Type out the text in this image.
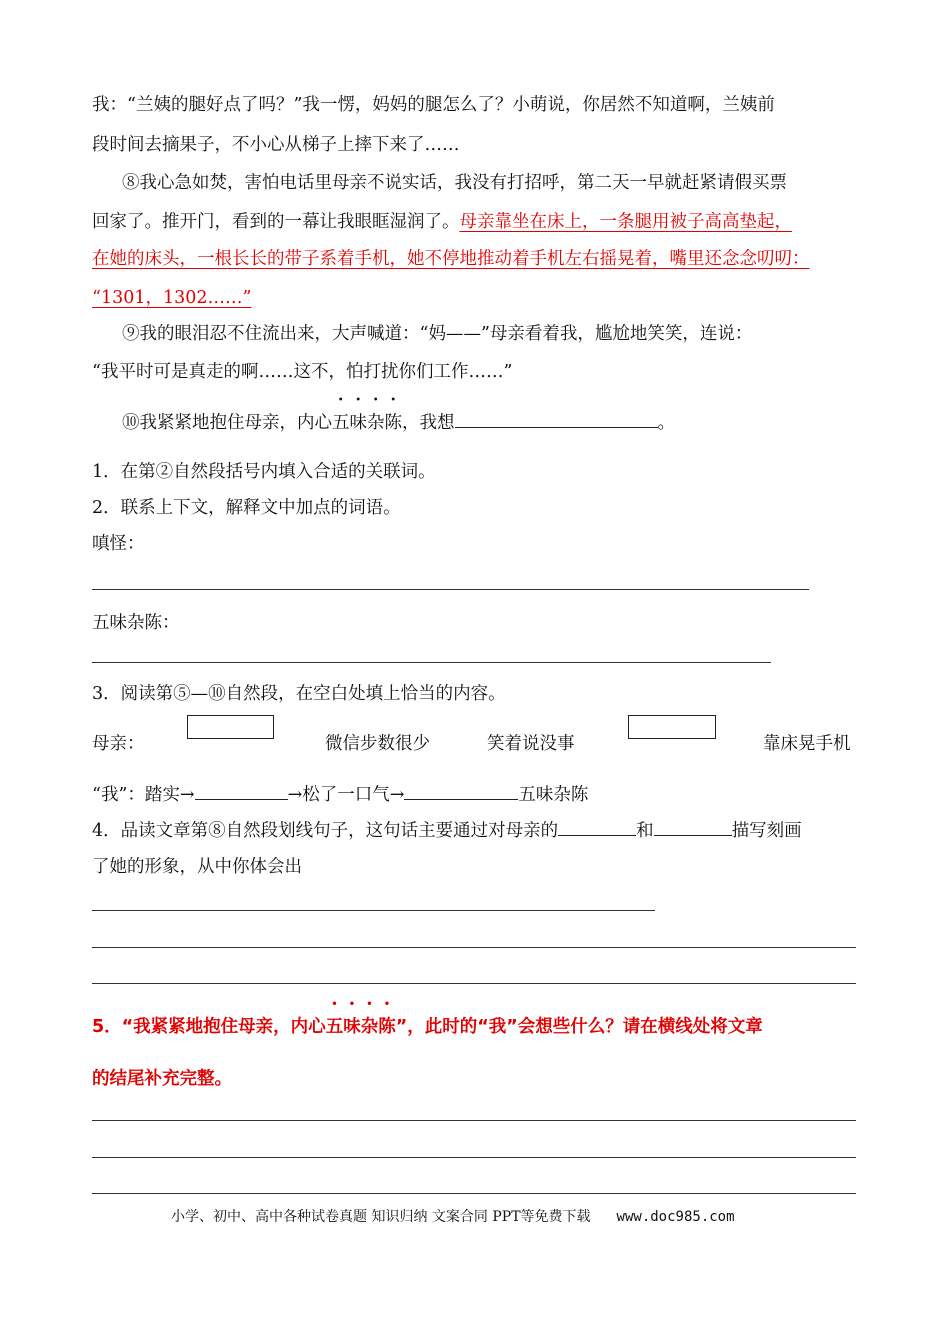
我：“兰姨的腿好点了吗？”我一愣，妈妈的腿怎么了？小萌说，你居然不知道啊，兰姨前
段时间去摘果子，不小心从梯子上摔下来了……
⑧我心急如焚，害怕电话里母亲不说实话，我没有打招呼，第二天一早就赶紧请假买票
回家了。推开门，看到的一幕让我眼眶湿润了。母亲靠坐在床上，一条腿用被子高高垫起，
在她的床头，一根长长的带子系着手机，她不停地推动着手机左右摇晃着，嘴里还念念叨叨：
“1301，1302……”
⑨我的眼泪忍不住流出来，大声喊道：“妈——”母亲看着我，尴尬地笑笑，连说：
“我平时可是真走的啊……这不，怕打扰你们工作……”
⑩我紧紧地抱住母亲，内心五味杂陈，我想	。
1．在第②自然段括号内填入合适的关联词。
2．联系上下文，解释文中加点的词语。
嗔怪：
五味杂陈：
3．阅读第⑤—⑩自然段，在空白处填上恰当的内容。
母亲：	微信步数很少	笑着说没事	靠床晃手机
“我”：踏实→	→松了一口气→	五味杂陈
4．品读文章第⑧自然段划线句子，这句话主要通过对母亲的	和	描写刻画
了她的形象，从中你体会出
5．“我紧紧地抱住母亲，内心五味杂陈”，此时的“我”会想些什么？请在横线处将文章
的结尾补充完整。
小学、初中、高中各种试卷真题 知识归纳 文案合同 PPT等免费下载 www.doc985.com
